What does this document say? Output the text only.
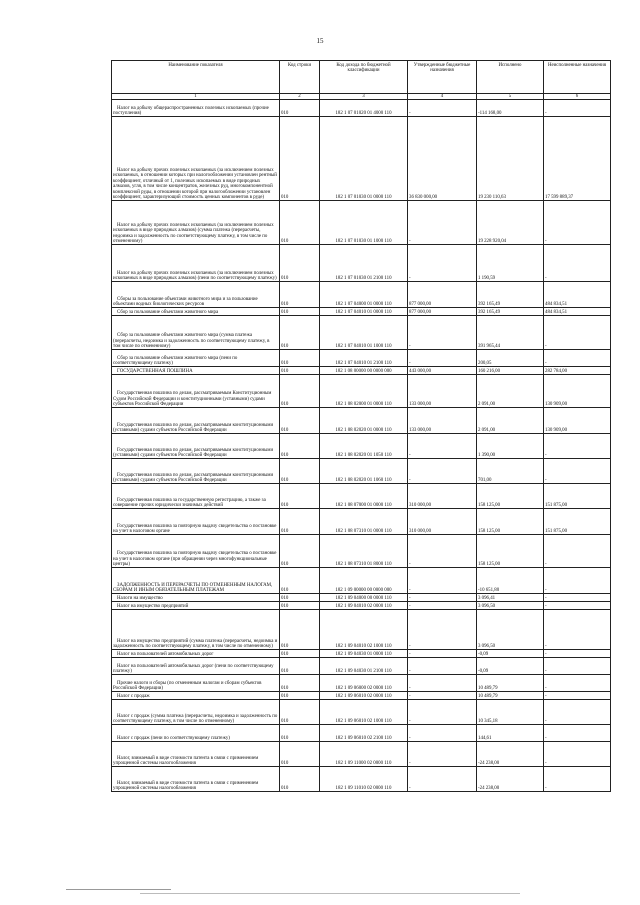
15
Наименование показателя	Код строки	Код дохода по бюджетной классификации	Утвержденные бюджетные назначения	Исполнено	Неисполненные назначения
1	2	3	4	5	6
Налог на добычу общераспространенных полезных ископаемых (прочие поступления)	010	182 1 07 01020 01 4000 110	-	-114 168,00	-
Налог на добычу прочих полезных ископаемых (за исключением полезных ископаемых, в отношении которых при налогообложении установлен рентный коэффициент, отличный от 1, полезных ископаемых в виде природных алмазов, угля, в том числе концентратов, железных руд, многокомпонентной комплексной руды, в отношении которой при налогообложении установлен коэффициент, характеризующий стоимость ценных компонентов в руде)	010	182 1 07 01030 01 0000 110	36 830 000,00	19 230 110,63	17 599 889,37
Налог на добычу прочих полезных ископаемых (за исключением полезных ископаемых в виде природных алмазов) (сумма платежа (перерасчеты, недоимка и задолженность по соответствующему платежу, в том числе по отмененному)	010	182 1 07 01030 01 1000 110	-	19 228 920,04	-
Налог на добычу прочих полезных ископаемых (за исключением полезных ископаемых в виде природных алмазов) (пени по соответствующему платежу)	010	182 1 07 01030 01 2100 110	-	1 190,59	-
Сборы за пользование объектами животного мира и за пользование объектами водных биологических ресурсов	010	182 1 07 04000 01 0000 110	877 000,00	392 165,49	484 834,51
Сбор за пользование объектами животного мира	010	182 1 07 04010 01 0000 110	877 000,00	392 165,49	484 834,51
Сбор за пользование объектами животного мира (сумма платежа (перерасчеты, недоимка и задолженность по соответствующему платежу, в том числе по отмененному)	010	182 1 07 04010 01 1000 110	-	391 965,44	-
Сбор за пользование объектами животного мира (пени по соответствующему платежу)	010	182 1 07 04010 01 2100 110	-	200,05	-
ГОСУДАРСТВЕННАЯ ПОШЛИНА	010	182 1 08 00000 00 0000 000	443 000,00	160 216,00	282 784,00
Государственная пошлина по делам, рассматриваемым Конституционным Судом Российской Федерации и конституционными (уставными) судами субъектов Российской Федерации	010	182 1 08 02000 01 0000 110	133 000,00	2 091,00	130 909,00
Государственная пошлина по делам, рассматриваемым конституционными (уставными) судами субъектов Российской Федерации	010	182 1 08 02020 01 0000 110	133 000,00	2 091,00	130 909,00
Государственная пошлина по делам, рассматриваемым конституционными (уставными) судами субъектов Российской Федерации	010	182 1 08 02020 01 1050 110	-	1 390,00	-
Государственная пошлина по делам, рассматриваемым конституционными (уставными) судами субъектов Российской Федерации	010	182 1 08 02020 01 1060 110	-	701,00	-
Государственная пошлина за государственную регистрацию, а также за совершение прочих юридически значимых действий	010	182 1 08 07000 01 0000 110	310 000,00	158 125,00	151 875,00
Государственная пошлина за повторную выдачу свидетельства о постановке на учет в налоговом органе	010	182 1 08 07310 01 0000 110	310 000,00	158 125,00	151 875,00
Государственная пошлина за повторную выдачу свидетельства о постановке на учет в налоговом органе (при обращении через многофункциональные центры)	010	182 1 08 07310 01 8000 110	-	158 125,00	-
ЗАДОЛЖЕННОСТЬ И ПЕРЕРАСЧЕТЫ ПО ОТМЕНЕННЫМ НАЛОГАМ, СБОРАМ И ИНЫМ ОБЯЗАТЕЛЬНЫМ ПЛАТЕЖАМ	010	182 1 09 00000 00 0000 000	-	-10 651,80	-
Налоги на имущество	010	182 1 09 04000 00 0000 110	-	3 096,41	-
Налог на имущество предприятий	010	182 1 09 04010 02 0000 110	-	3 096,50	-
Налог на имущество предприятий (сумма платежа (перерасчеты, недоимка и задолженность по соответствующему платежу, в том числе по отмененному)	010	182 1 09 04010 02 1000 110	-	3 096,50	-
Налог на пользователей автомобильных дорог	010	182 1 09 04030 01 0000 110	-	-0,09	-
Налог на пользователей автомобильных дорог (пени по соответствующему платежу)	010	182 1 09 04030 01 2100 110	-	-0,09	-
Прочие налоги и сборы (по отмененным налогам и сборам субъектов Российской Федерации)	010	182 1 09 06000 02 0000 110	-	10 489,79	-
Налог с продаж	010	182 1 09 06010 02 0000 110	-	10 489,79	-
Налог с продаж (сумма платежа (перерасчеты, недоимка и задолженность по соответствующему платежу, в том числе по отмененному)	010	182 1 09 06010 02 1000 110	-	10 345,18	-
Налог с продаж (пени по соответствующему платежу)	010	182 1 09 06010 02 2100 110	-	144,61	-
Налог, взимаемый в виде стоимости патента в связи с применением упрощенной системы налогообложения	010	182 1 09 11000 02 0000 110	-	-24 238,00	-
Налог, взимаемый в виде стоимости патента в связи с применением упрощенной системы налогообложения	010	182 1 09 11010 02 0000 110	-	-24 238,00	-
